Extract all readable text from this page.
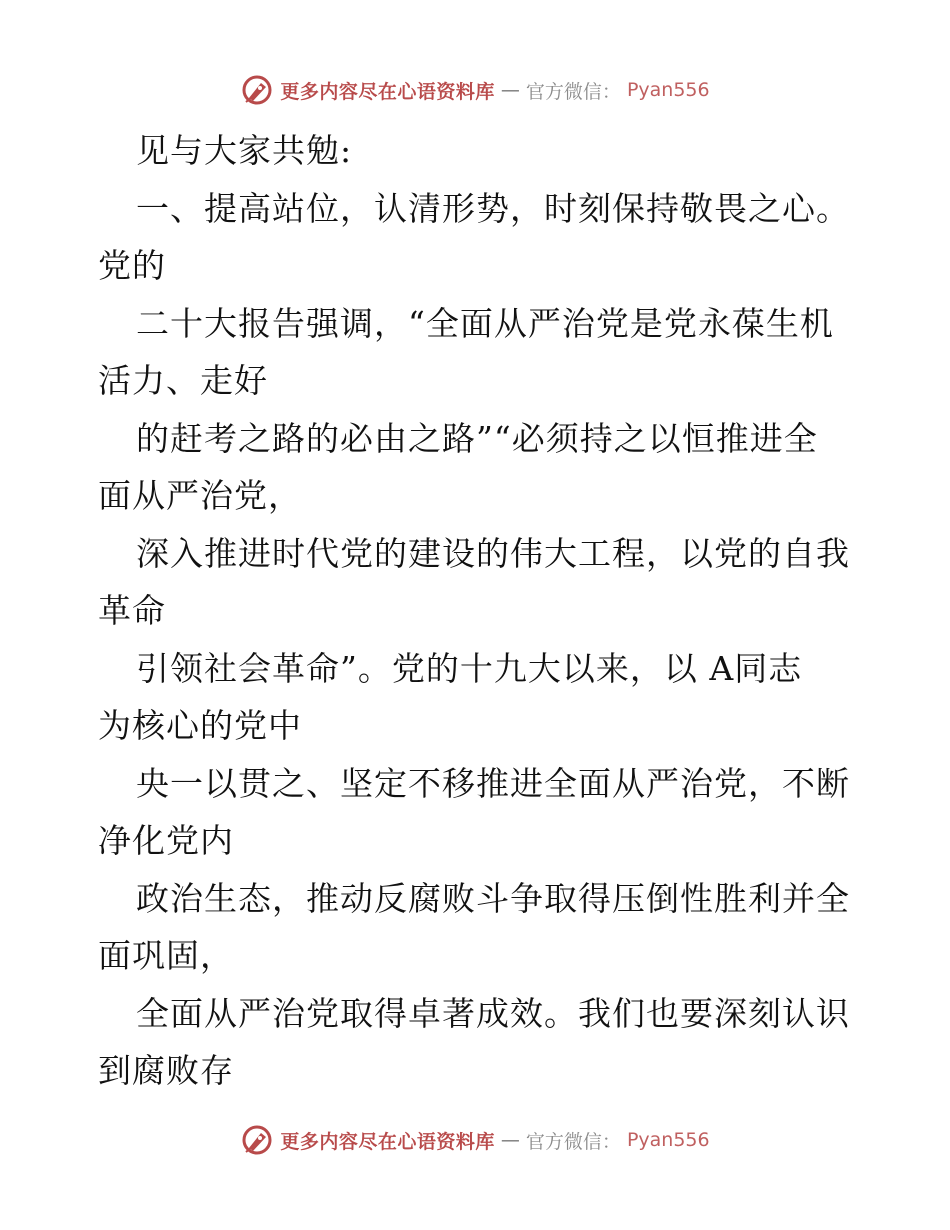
更多内容尽在心语资料库 — 官方微信： Pyan556
见与大家共勉:
一、提高站位，认清形势，时刻保持敬畏之心。
党的
二十大报告强调，“全面从严治党是党永葆生机
活力、走好
的赶考之路的必由之路”“必须持之以恒推进全
面从严治党，
深入推进时代党的建设的伟大工程，以党的自我
革命
引领社会革命”。党的十九大以来，以 A同志
为核心的党中
央一以贯之、坚定不移推进全面从严治党，不断
净化党内
政治生态，推动反腐败斗争取得压倒性胜利并全
面巩固，
全面从严治党取得卓著成效。我们也要深刻认识
到腐败存
更多内容尽在心语资料库 — 官方微信： Pyan556
